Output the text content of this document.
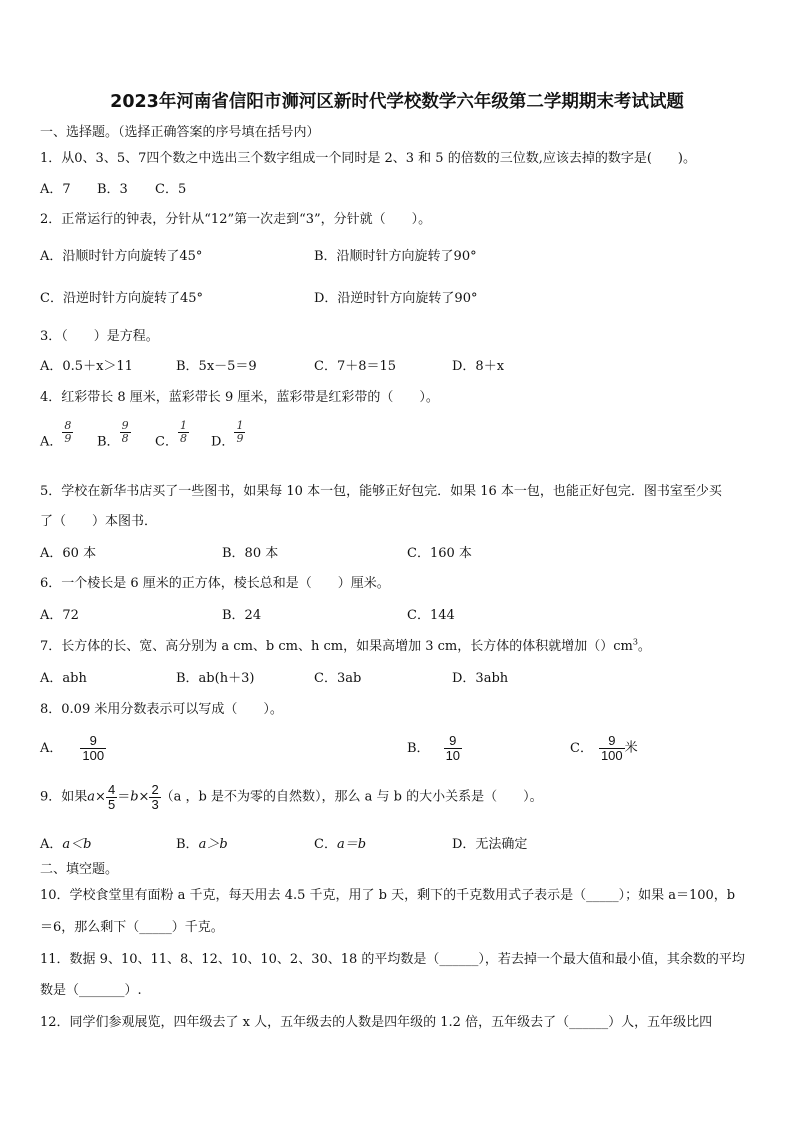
2023年河南省信阳市浉河区新时代学校数学六年级第二学期期末考试试题
一、选择题。（选择正确答案的序号填在括号内）
1．从0、3、5、7四个数之中选出三个数字组成一个同时是 2、3 和 5 的倍数的三位数,应该去掉的数字是(　　)。
A．7 B．3 C．5
2．正常运行的钟表，分针从“12”第一次走到“3”，分针就（　　）。
A．沿顺时针方向旋转了45°	B．沿顺时针方向旋转了90°
C．沿逆时针方向旋转了45°	D．沿逆时针方向旋转了90°
3．（　　）是方程。
A．0.5＋x＞11	B．5x－5＝9	C．7＋8＝15	D．8＋x
4．红彩带长 8 厘米，蓝彩带长 9 厘米，蓝彩带是红彩带的（　　）。
A． $\frac{8}{9}$ B． $\frac{9}{8}$ C． $\frac{1}{8}$ D． $\frac{1}{9}$
5．学校在新华书店买了一些图书，如果每 10 本一包，能够正好包完．如果 16 本一包，也能正好包完．图书室至少买
了（　　）本图书．
A．60 本	B．80 本	C．160 本
6．一个棱长是 6 厘米的正方体，棱长总和是（　　）厘米。
A．72	B．24	C．144
7．长方体的长、宽、高分别为 a cm、b cm、h cm，如果高增加 3 cm，长方体的体积就增加$()cm^3$。
A．abh	B．ab(h＋3)	C．3ab	D．3abh
8．0.09 米用分数表示可以写成（　　）。
A． $\frac{9}{100}$	B． $\frac{9}{10}$	C． $\frac{9}{100}$ 米
9．如果$a\times \frac{4}{5} =b\times \frac{2}{3} (a$ ，b 是不为零的自然数），那么 a 与 b 的大小关系是（　　）。
A．a＜b	B．a＞b	C．a＝b	D．无法确定
二、填空题。
10．学校食堂里有面粉 a 千克，每天用去 4.5 千克，用了 b 天，剩下的千克数用式子表示是（_____）；如果 a＝100，b
＝6，那么剩下（_____）千克。
11．数据 9、10、11、8、12、10、10、2、30、18 的平均数是（______），若去掉一个最大值和最小值，其余数的平均
数是（_______）.
12．同学们参观展览，四年级去了 x 人，五年级去的人数是四年级的 1.2 倍，五年级去了（______）人，五年级比四
